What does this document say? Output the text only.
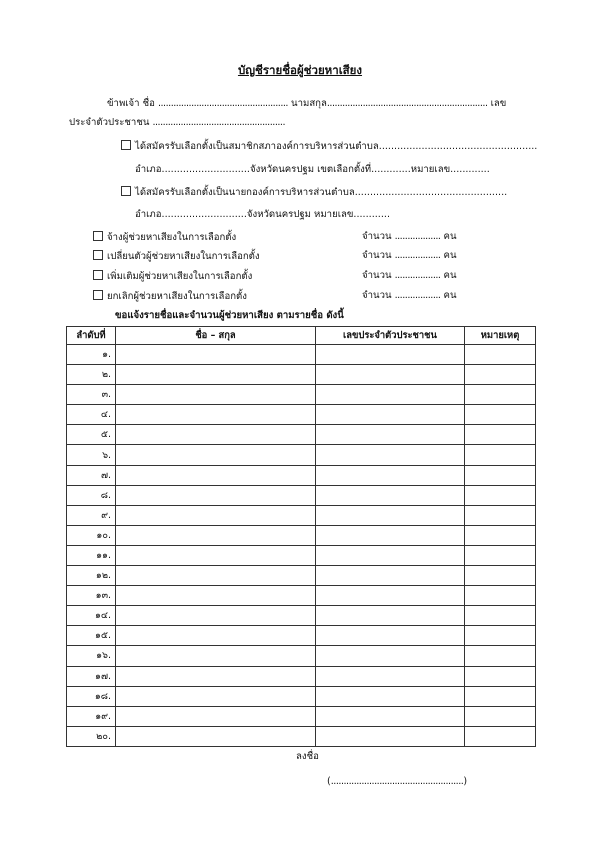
บัญชีรายชื่อผู้ช่วยหาเสียง
ข้าพเจ้า ชื่อ ................................................... นามสกุล............................................................... เลข
ประจำตัวประชาชน ....................................................
ได้สมัครรับเลือกตั้งเป็นสมาชิกสภาองค์การบริหารส่วนตำบล....................................................
อำเภอ.............................จังหวัดนครปฐม เขตเลือกตั้งที่.............หมายเลข.............
ได้สมัครรับเลือกตั้งเป็นนายกองค์การบริหารส่วนตำบล..................................................
อำเภอ............................จังหวัดนครปฐม หมายเลข............
จ้างผู้ช่วยหาเสียงในการเลือกตั้ง	จำนวน .................. คน
เปลี่ยนตัวผู้ช่วยหาเสียงในการเลือกตั้ง	จำนวน .................. คน
เพิ่มเติมผู้ช่วยหาเสียงในการเลือกตั้ง	จำนวน .................. คน
ยกเลิกผู้ช่วยหาเสียงในการเลือกตั้ง	จำนวน .................. คน
ขอแจ้งรายชื่อและจำนวนผู้ช่วยหาเสียง ตามรายชื่อ ดังนี้
ลำดับที่	ชื่อ – สกุล	เลขประจำตัวประชาชน	หมายเหตุ
๑.			
๒.			
๓.			
๔.			
๕.			
๖.			
๗.			
๘.			
๙.			
๑๐.			
๑๑.			
๑๒.			
๑๓.			
๑๔.			
๑๕.			
๑๖.			
๑๗.			
๑๘.			
๑๙.			
๒๐.			
ลงชื่อ
(....................................................)
